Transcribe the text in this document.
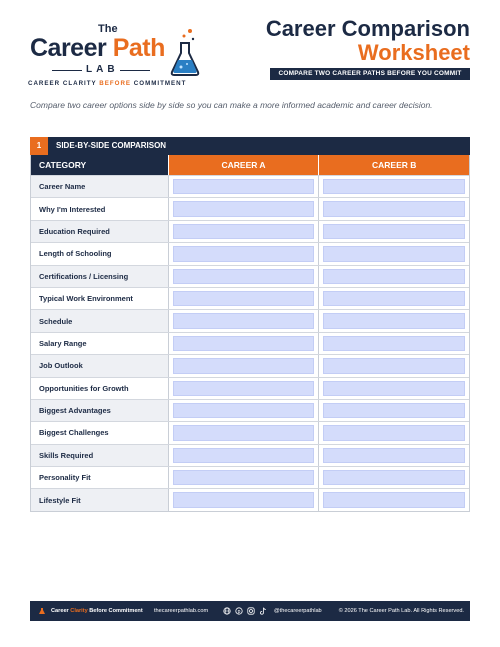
The
Career Path
LAB
CAREER CLARITY BEFORE COMMITMENT
Career Comparison
Worksheet
COMPARE TWO CAREER PATHS BEFORE YOU COMMIT
Compare two career options side by side so you can make a more informed academic and career decision.
1	SIDE-BY-SIDE COMPARISON
CATEGORY	CAREER A	CAREER B
Career Name
Why I'm Interested
Education Required
Length of Schooling
Certifications / Licensing
Typical Work Environment
Schedule
Salary Range
Job Outlook
Opportunities for Growth
Biggest Advantages
Biggest Challenges
Skills Required
Personality Fit
Lifestyle Fit
Career Clarity Before Commitment thecareerpathlab.com	p	@thecareerpathlab	© 2026 The Career Path Lab. All Rights Reserved.
